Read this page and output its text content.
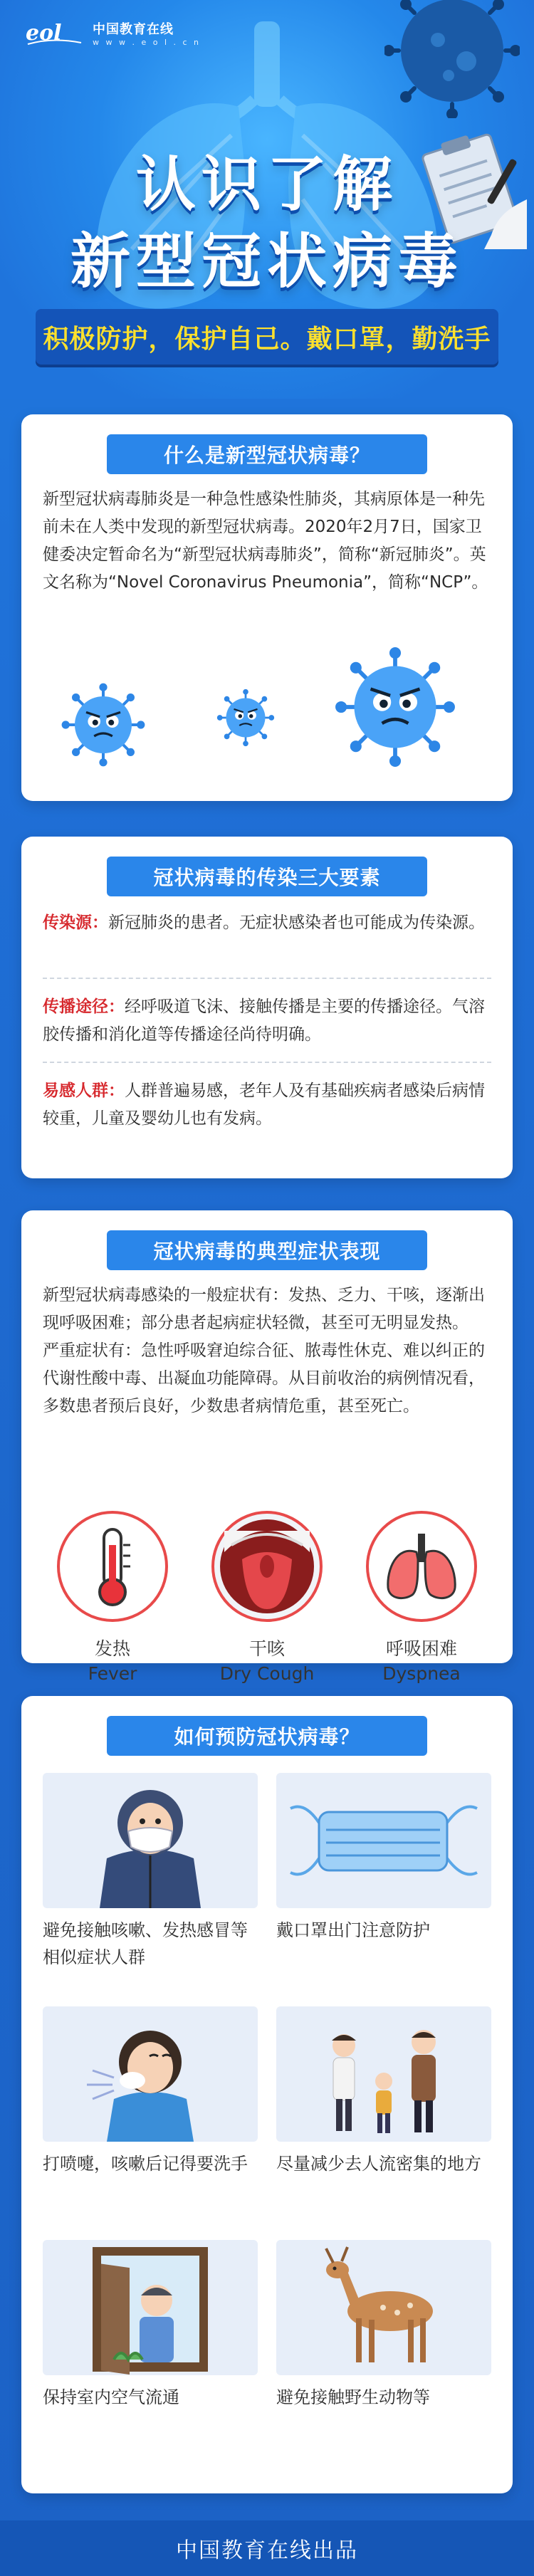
eol 中国教育在线
w w w . e o l . c n
认识了解
新型冠状病毒
积极防护，保护自己。戴口罩，勤洗手
什么是新型冠状病毒？
新型冠状病毒肺炎是一种急性感染性肺炎，其病原体是一种先前未在人类中发现的新型冠状病毒。2020年2月7日，国家卫健委决定暂命名为“新型冠状病毒肺炎”，简称“新冠肺炎”。英文名称为“Novel Coronavirus Pneumonia”，简称“NCP”。
冠状病毒的传染三大要素
传染源：新冠肺炎的患者。无症状感染者也可能成为传染源。
传播途径：经呼吸道飞沫、接触传播是主要的传播途径。气溶胶传播和消化道等传播途径尚待明确。
易感人群：人群普遍易感，老年人及有基础疾病者感染后病情较重，儿童及婴幼儿也有发病。
冠状病毒的典型症状表现
新型冠状病毒感染的一般症状有：发热、乏力、干咳，逐渐出现呼吸困难；部分患者起病症状轻微，甚至可无明显发热。
严重症状有：急性呼吸窘迫综合征、脓毒性休克、难以纠正的代谢性酸中毒、出凝血功能障碍。从目前收治的病例情况看，多数患者预后良好，少数患者病情危重，甚至死亡。
发热
Fever
干咳
Dry Cough
呼吸困难
Dyspnea
如何预防冠状病毒？
避免接触咳嗽、发热感冒等相似症状人群
戴口罩出门注意防护
打喷嚏，咳嗽后记得要洗手	尽量减少去人流密集的地方
保持室内空气流通	避免接触野生动物等
中国教育在线出品
